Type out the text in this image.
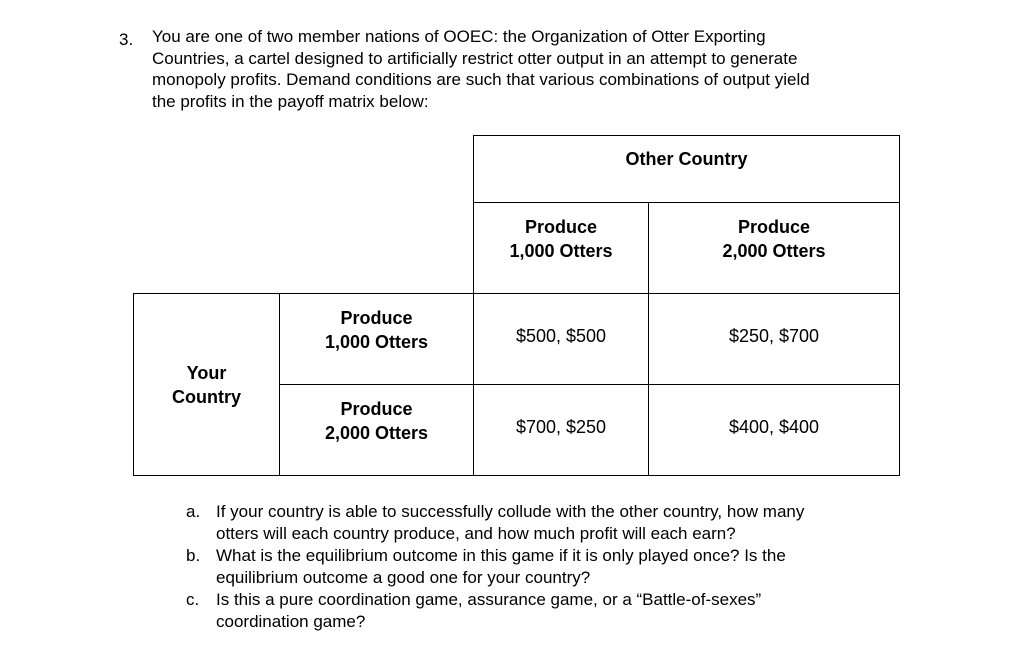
3. You are one of two member nations of OOEC: the Organization of Otter Exporting
Countries, a cartel designed to artificially restrict otter output in an attempt to generate
monopoly profits. Demand conditions are such that various combinations of output yield
the profits in the payoff matrix below:
Other Country
Produce
1,000 Otters
Produce
2,000 Otters
Your
Country
Produce
1,000 Otters
Produce
2,000 Otters
$500, $500	$250, $700
$700, $250	$400, $400
a. If your country is able to successfully collude with the other country, how many
otters will each country produce, and how much profit will each earn?
b. What is the equilibrium outcome in this game if it is only played once? Is the
equilibrium outcome a good one for your country?
c. Is this a pure coordination game, assurance game, or a “Battle-of-sexes”
coordination game?
